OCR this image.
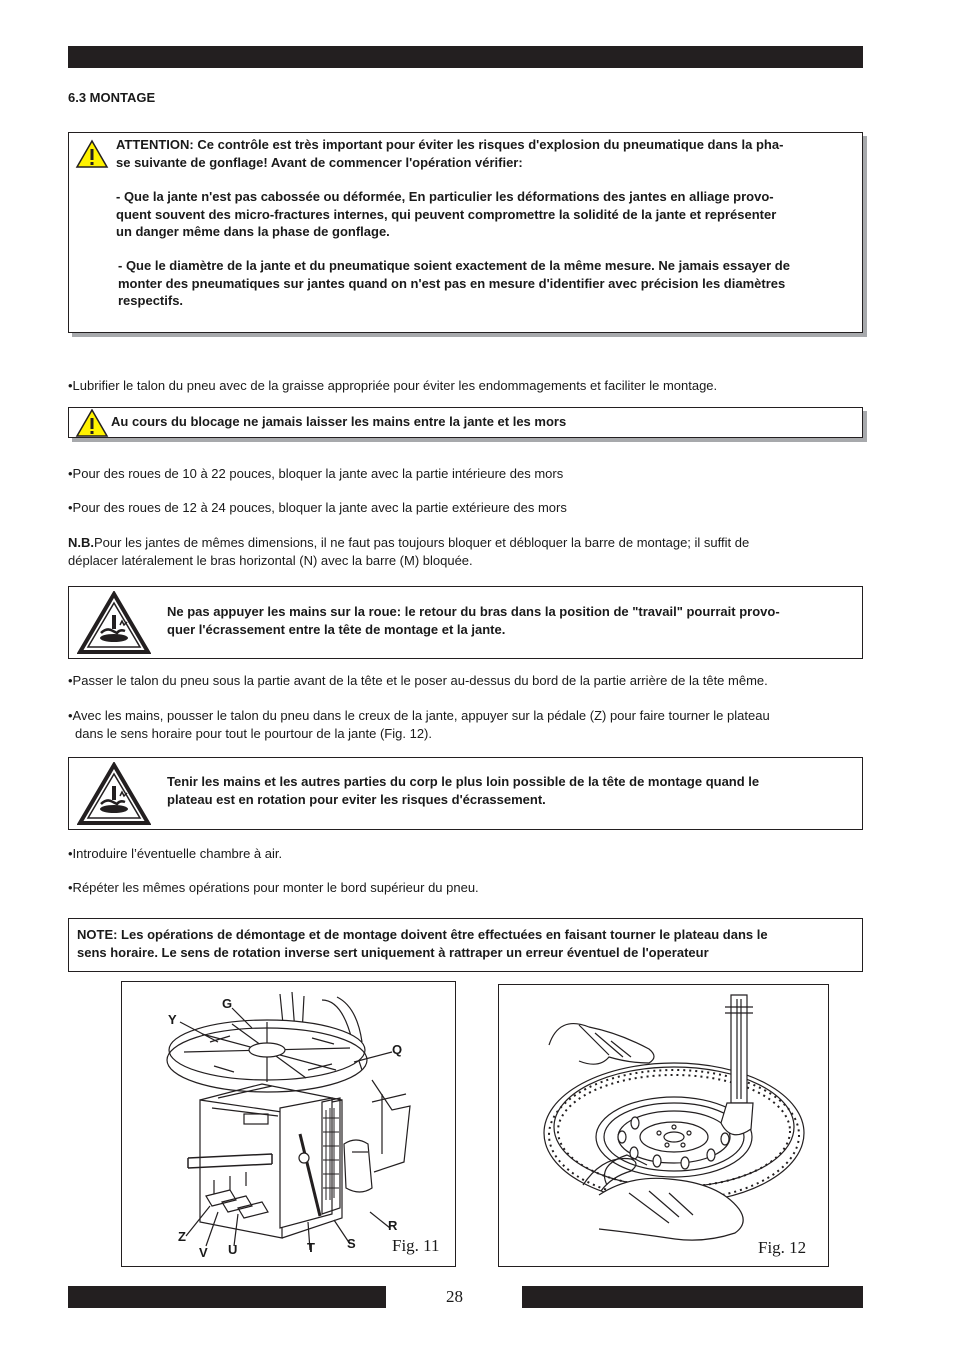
6.3 MONTAGE
ATTENTION: Ce contrôle est très important pour éviter les risques d'explosion du pneumatique dans la pha-
se suivante de gonflage! Avant de commencer l'opération vérifier:
- Que la jante n'est pas cabossée ou déformée, En particulier les déformations des jantes en alliage provo-
quent souvent des micro-fractures internes, qui peuvent compromettre la solidité de la jante et représenter
un danger même dans la phase de gonflage.
- Que le diamètre de la jante et du pneumatique soient exactement de la même mesure. Ne jamais essayer de
monter des pneumatiques sur jantes quand on n'est pas en mesure d'identifier avec précision les diamètres
respectifs.

•Lubrifier le talon du pneu avec de la graisse appropriée pour éviter les endommagements et faciliter le montage.

Au cours du blocage ne jamais laisser les mains entre la jante et les mors

•Pour des roues de 10 à 22 pouces, bloquer la jante avec la partie intérieure des mors

•Pour des roues de 12 à 24 pouces, bloquer la jante avec la partie extérieure des mors

N.B.Pour les jantes de mêmes dimensions, il ne faut pas toujours bloquer et débloquer la barre de montage; il suffit de
déplacer latéralement le bras horizontal (N) avec la barre (M) bloquée.
Ne pas appuyer les mains sur la roue: le retour du bras dans la position de "travail" pourrait provo-
quer l'écrassement entre la tête de montage et la jante.

•Passer le talon du pneu sous la partie avant de la tête et le poser au-dessus du bord de la partie arrière de la tête même.

•Avec les mains, pousser le talon du pneu dans le creux de la jante, appuyer sur la pédale (Z) pour faire tourner le plateau
dans le sens horaire pour tout le pourtour de la jante (Fig. 12).
Tenir les mains et les autres parties du corp le plus loin possible de la tête de montage quand le
plateau est en rotation pour eviter les risques d'écrassement.

•Introduire l’éventuelle chambre à air.

•Répéter les mêmes opérations pour monter le bord supérieur du pneu.

NOTE: Les opérations de démontage et de montage doivent être effectuées en faisant tourner le plateau dans le
sens horaire. Le sens de rotation inverse sert uniquement à rattraper un erreur éventuel de l'operateur
G
Y
Q
R
Z
V U	T S Fig. 11	Fig. 12
28
